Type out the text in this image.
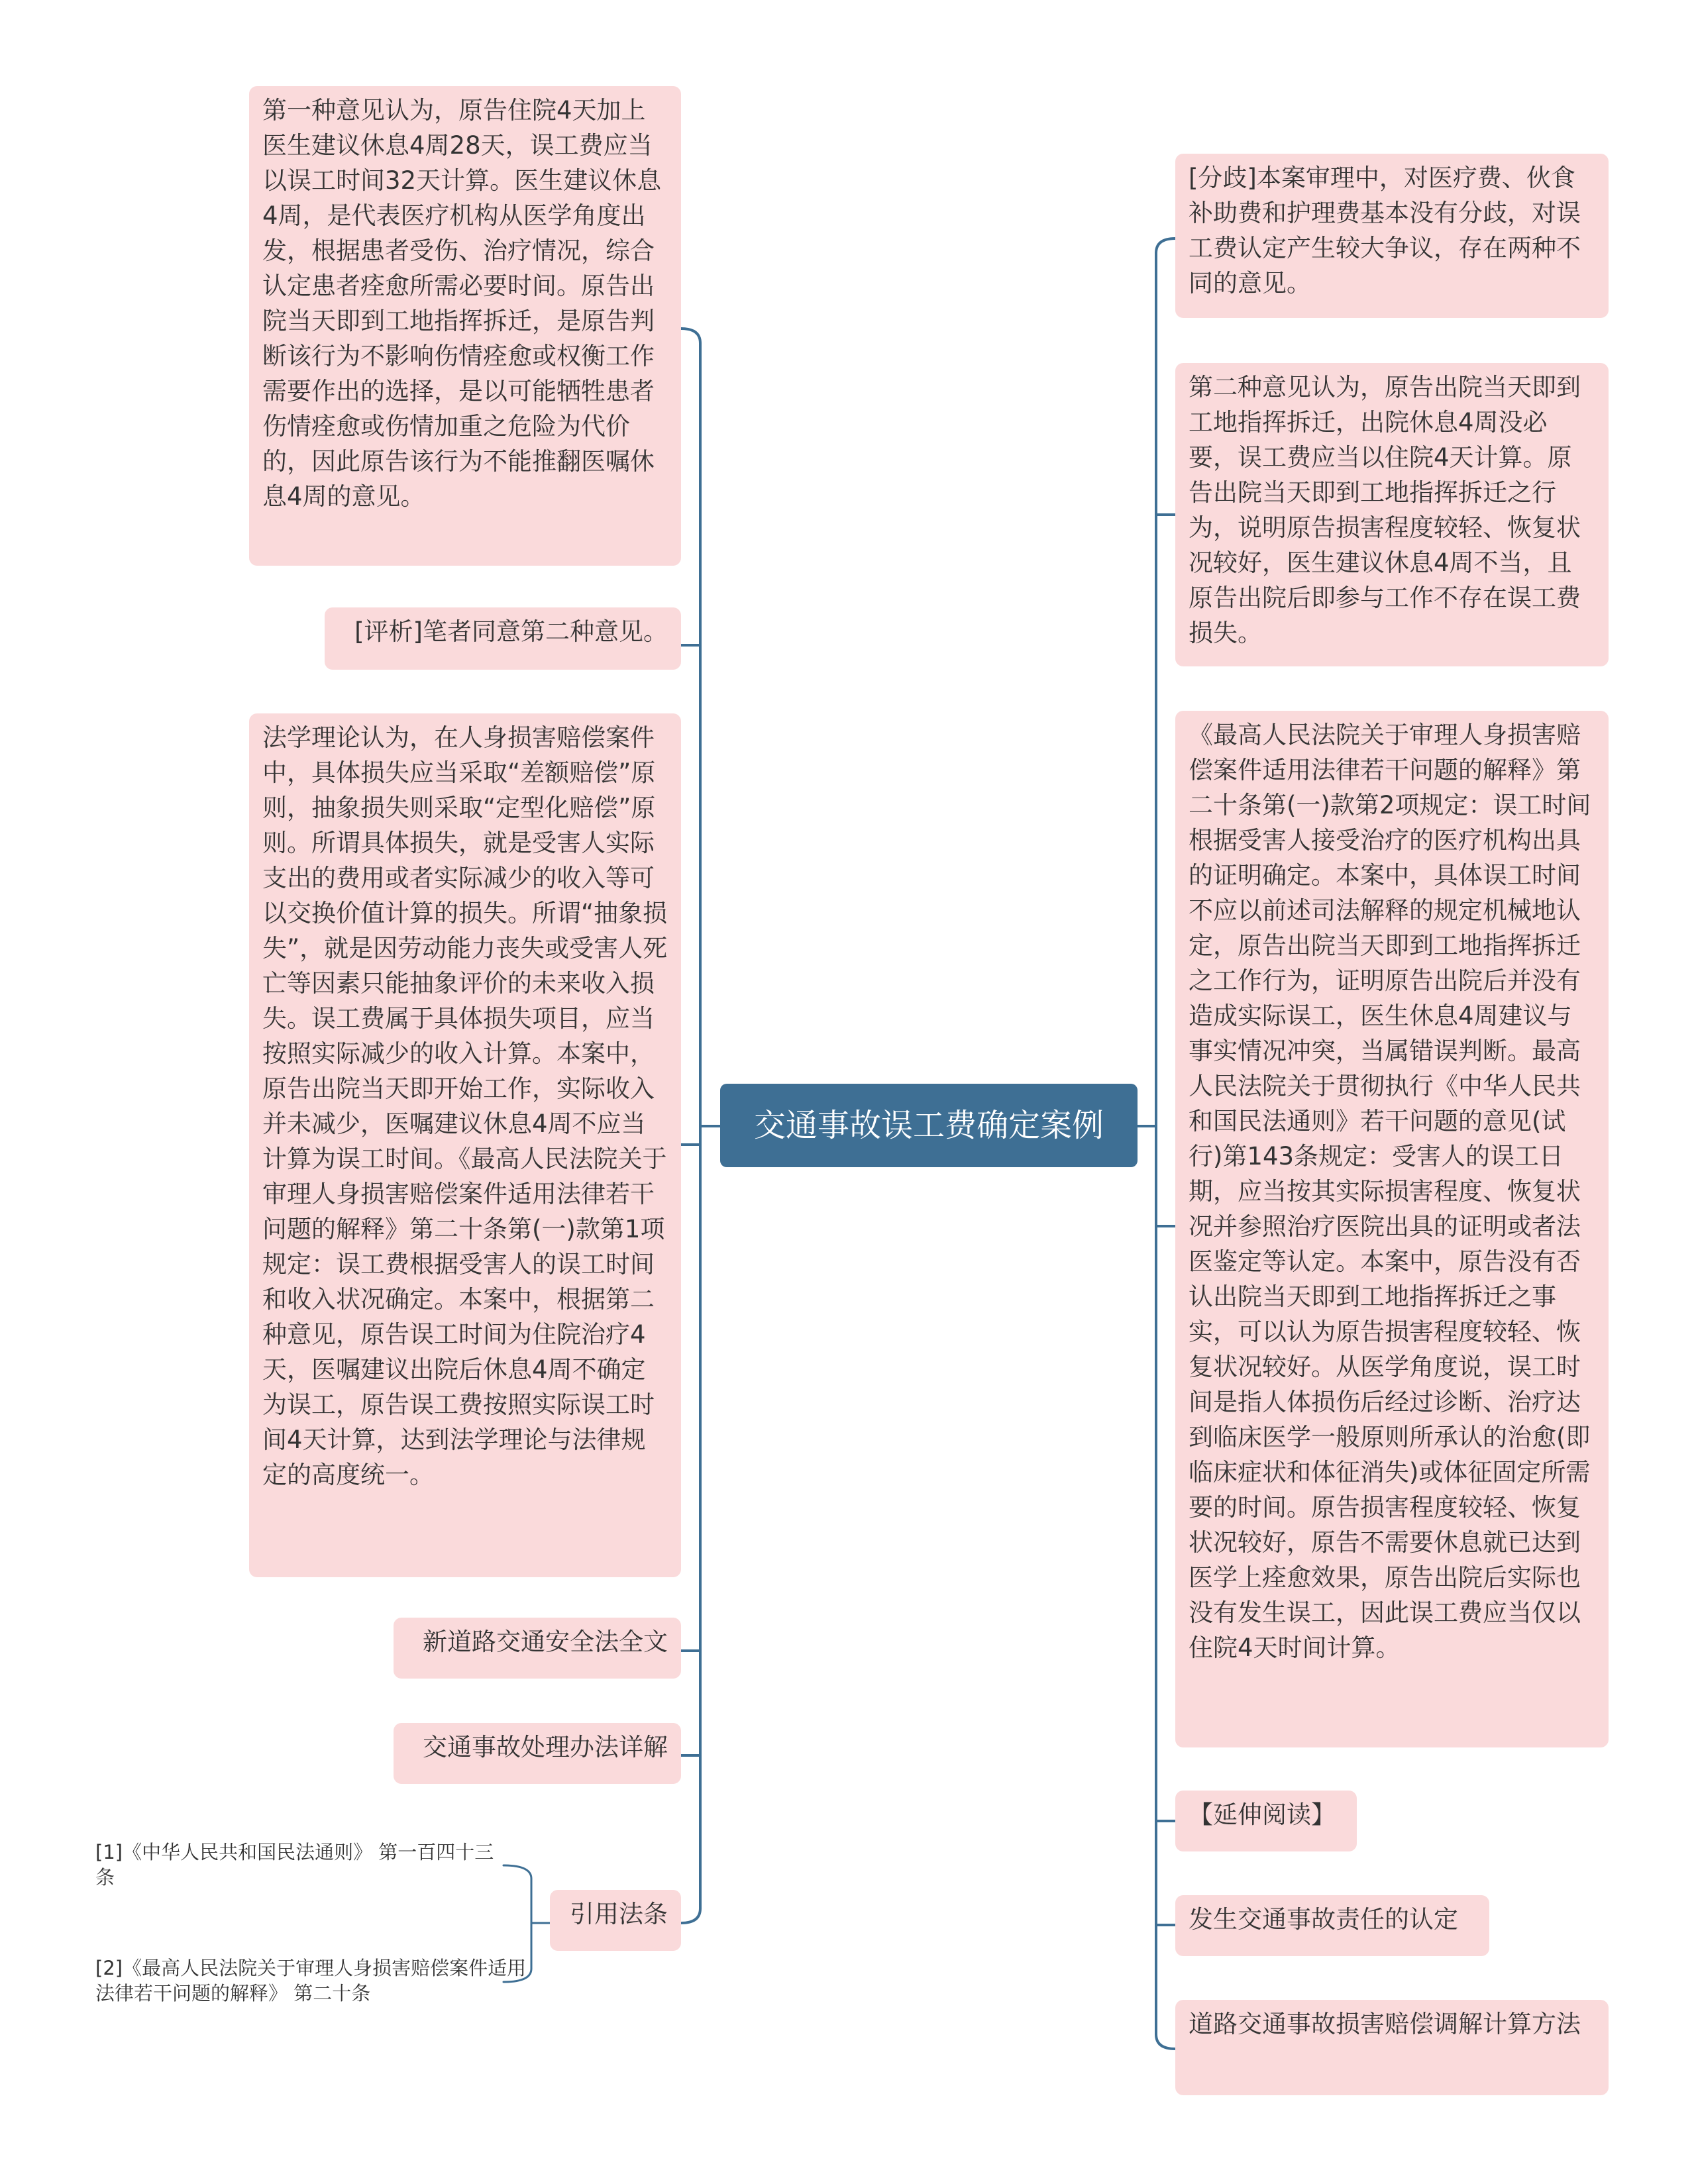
交通事故误工费确定案例
第一种意见认为，原告住院4天加上医生建议休息4周28天，误工费应当以误工时间32天计算。医生建议休息4周，是代表医疗机构从医学角度出发，根据患者受伤、治疗情况，综合认定患者痊愈所需必要时间。原告出院当天即到工地指挥拆迁，是原告判断该行为不影响伤情痊愈或权衡工作需要作出的选择，是以可能牺牲患者伤情痊愈或伤情加重之危险为代价的，因此原告该行为不能推翻医嘱休息4周的意见。
[评析]笔者同意第二种意见。
法学理论认为，在人身损害赔偿案件中，具体损失应当采取“差额赔偿”原则，抽象损失则采取“定型化赔偿”原则。所谓具体损失，就是受害人实际支出的费用或者实际减少的收入等可以交换价值计算的损失。所谓“抽象损失”，就是因劳动能力丧失或受害人死亡等因素只能抽象评价的未来收入损失。误工费属于具体损失项目，应当按照实际减少的收入计算。本案中，原告出院当天即开始工作，实际收入并未减少，医嘱建议休息4周不应当计算为误工时间。《最高人民法院关于审理人身损害赔偿案件适用法律若干问题的解释》第二十条第(一)款第1项规定：误工费根据受害人的误工时间和收入状况确定。本案中，根据第二种意见，原告误工时间为住院治疗4天，医嘱建议出院后休息4周不确定为误工，原告误工费按照实际误工时间4天计算，达到法学理论与法律规定的高度统一。
新道路交通安全法全文
交通事故处理办法详解
引用法条
[1]《中华人民共和国民法通则》 第一百四十三条
[2]《最高人民法院关于审理人身损害赔偿案件适用法律若干问题的解释》 第二十条
[分歧]本案审理中，对医疗费、伙食补助费和护理费基本没有分歧，对误工费认定产生较大争议，存在两种不同的意见。
第二种意见认为，原告出院当天即到工地指挥拆迁，出院休息4周没必要，误工费应当以住院4天计算。原告出院当天即到工地指挥拆迁之行为，说明原告损害程度较轻、恢复状况较好，医生建议休息4周不当，且原告出院后即参与工作不存在误工费损失。
《最高人民法院关于审理人身损害赔偿案件适用法律若干问题的解释》第二十条第(一)款第2项规定：误工时间根据受害人接受治疗的医疗机构出具的证明确定。本案中，具体误工时间不应以前述司法解释的规定机械地认定，原告出院当天即到工地指挥拆迁之工作行为，证明原告出院后并没有造成实际误工，医生休息4周建议与事实情况冲突，当属错误判断。最高人民法院关于贯彻执行《中华人民共和国民法通则》若干问题的意见(试行)第143条规定：受害人的误工日期，应当按其实际损害程度、恢复状况并参照治疗医院出具的证明或者法医鉴定等认定。本案中，原告没有否认出院当天即到工地指挥拆迁之事实，可以认为原告损害程度较轻、恢复状况较好。从医学角度说，误工时间是指人体损伤后经过诊断、治疗达到临床医学一般原则所承认的治愈(即临床症状和体征消失)或体征固定所需要的时间。原告损害程度较轻、恢复状况较好，原告不需要休息就已达到医学上痊愈效果，原告出院后实际也没有发生误工，因此误工费应当仅以住院4天时间计算。
【延伸阅读】
发生交通事故责任的认定
道路交通事故损害赔偿调解计算方法
